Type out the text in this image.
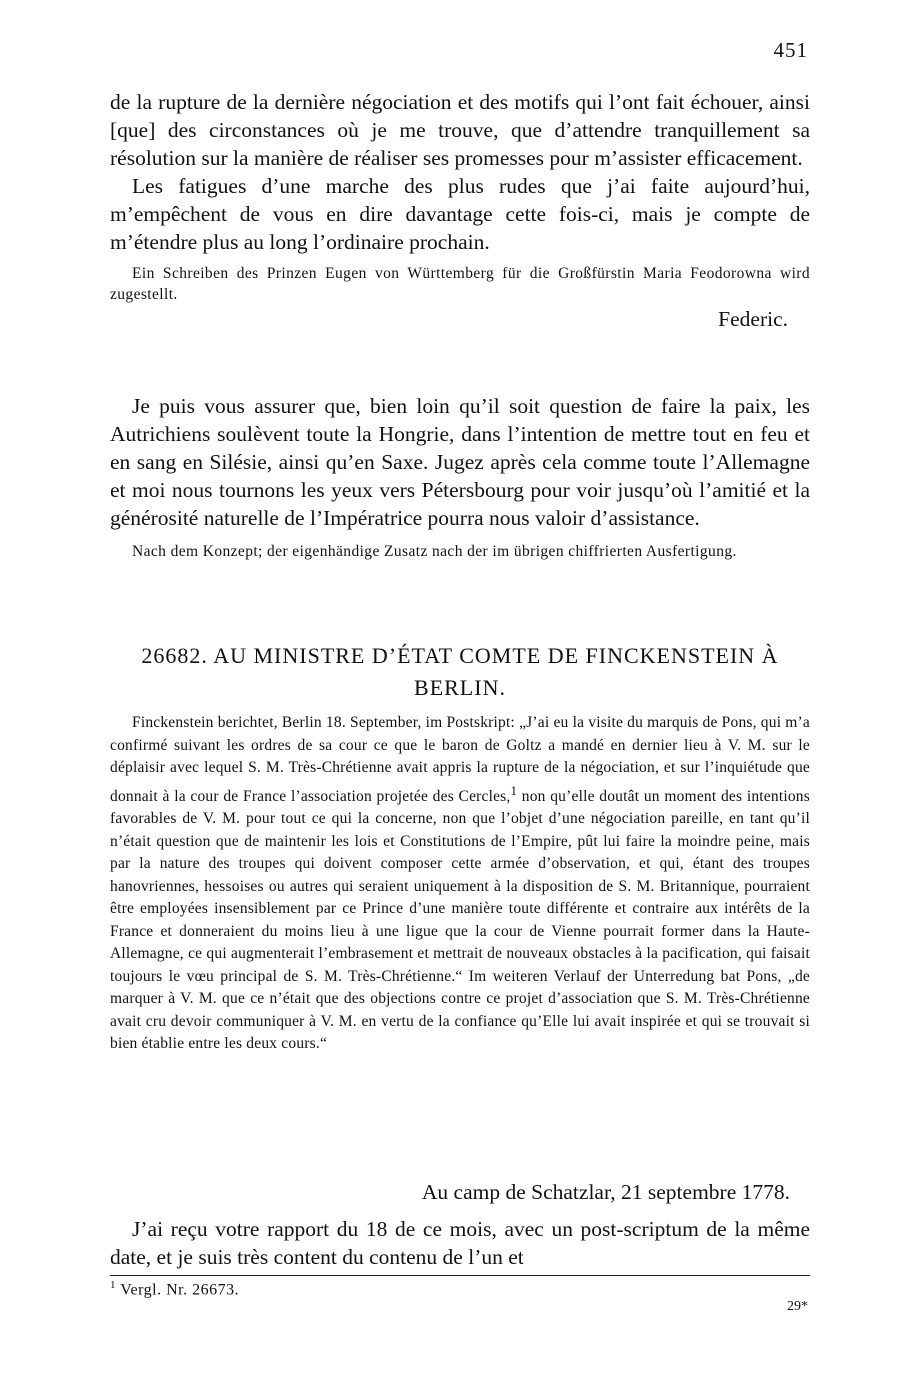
451

de la rupture de la dernière négociation et des motifs qui l’ont fait échouer, ainsi [que] des circonstances où je me trouve, que d’attendre tranquillement sa résolution sur la manière de réaliser ses promesses pour m’assister efficacement.

Les fatigues d’une marche des plus rudes que j’ai faite aujourd’hui, m’empêchent de vous en dire davantage cette fois-ci, mais je compte de m’étendre plus au long l’ordinaire prochain.

Ein Schreiben des Prinzen Eugen von Württemberg für die Großfürstin Maria Feodorowna wird zugestellt.

Federic.

Je puis vous assurer que, bien loin qu’il soit question de faire la paix, les Autrichiens soulèvent toute la Hongrie, dans l’intention de mettre tout en feu et en sang en Silésie, ainsi qu’en Saxe. Jugez après cela comme toute l’Allemagne et moi nous tournons les yeux vers Pétersbourg pour voir jusqu’où l’amitié et la générosité naturelle de l’Impératrice pourra nous valoir d’assistance.

Nach dem Konzept; der eigenhändige Zusatz nach der im übrigen chiffrierten Ausfertigung.

26682. AU MINISTRE D’ÉTAT COMTE DE FINCKENSTEIN À

BERLIN.

Finckenstein berichtet, Berlin 18. September, im Postskript: „J’ai eu la visite du marquis de Pons, qui m’a confirmé suivant les ordres de sa cour ce que le baron de Goltz a mandé en dernier lieu à V. M. sur le déplaisir avec lequel S. M. Très-Chrétienne avait appris la rupture de la négociation, et sur l’inquiétude que donnait à la cour de France l’association projetée des Cercles,$^1$ non qu’elle doutât un moment des intentions favorables de V. M. pour tout ce qui la concerne, non que l’objet d’une négociation pareille, en tant qu’il n’était question que de maintenir les lois et Constitutions de l’Empire, pût lui faire la moindre peine, mais par la nature des troupes qui doivent composer cette armée d’observation, et qui, étant des troupes hanovriennes, hessoises ou autres qui seraient uniquement à la disposition de S. M. Britannique, pourraient être employées insensiblement par ce Prince d’une manière toute différente et contraire aux intérêts de la France et donneraient du moins lieu à une ligue que la cour de Vienne pourrait former dans la Haute-Allemagne, ce qui augmenterait l’embrasement et mettrait de nouveaux obstacles à la pacification, qui faisait toujours le vœu principal de S. M. Très-Chrétienne.“ Im weiteren Verlauf der Unterredung bat Pons, „de marquer à V. M. que ce n’était que des objections contre ce projet d’association que S. M. Très-Chrétienne avait cru devoir communiquer à V. M. en vertu de la confiance qu’Elle lui avait inspirée et qui se trouvait si bien établie entre les deux cours.“

Au camp de Schatzlar, 21 septembre 1778.

J’ai reçu votre rapport du 18 de ce mois, avec un post-scriptum de la même date, et je suis très content du contenu de l’un et

$^1$ Vergl. Nr. 26673.
29*
